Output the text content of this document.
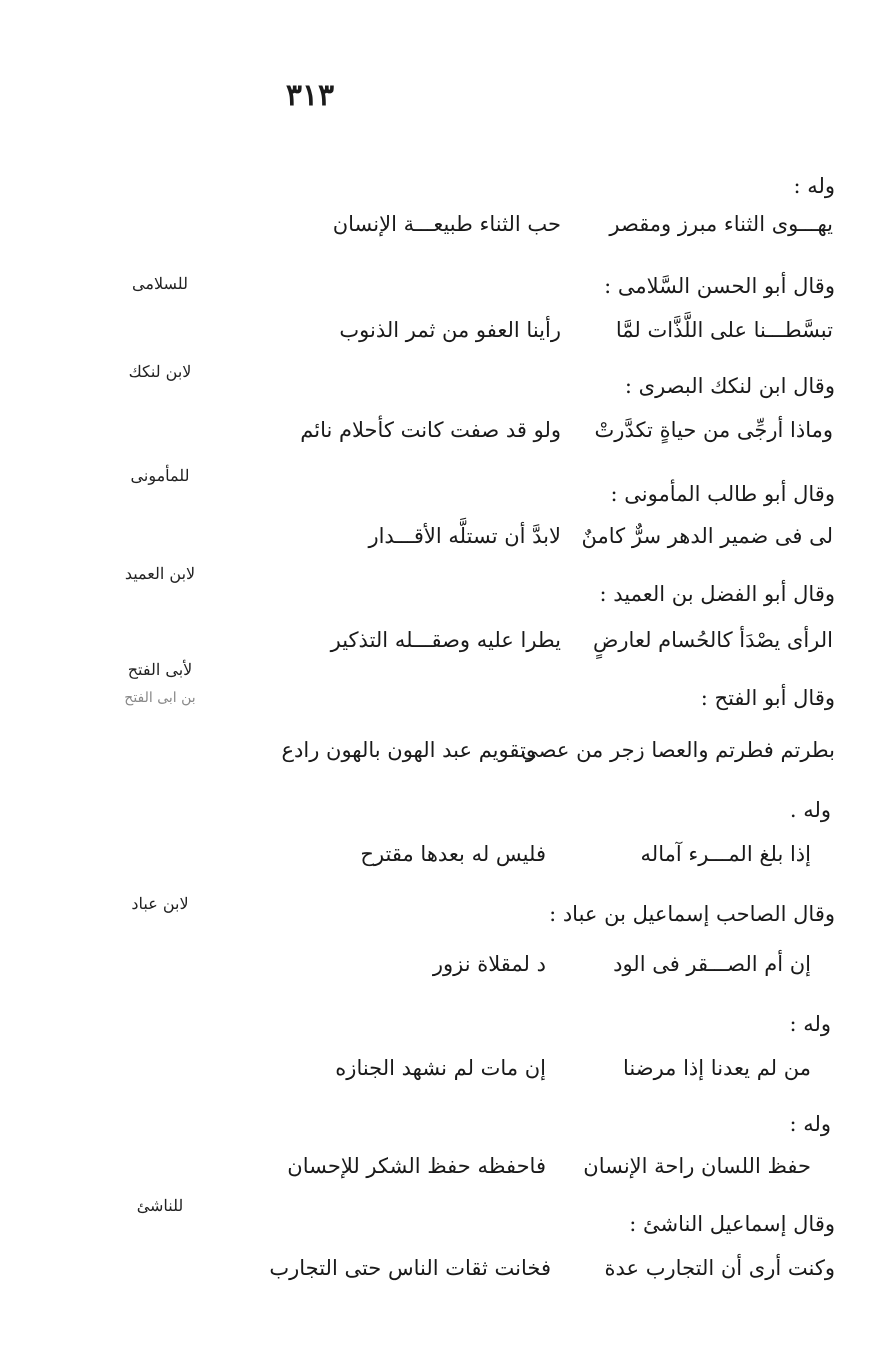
٣١٣
وله :
يهـــوى الثناء مبرز ومقصر
حب الثناء طبيعـــة الإنسان
للسلامى	وقال أبو الحسن السَّلامى :
تبسَّطـــنا على اللَّذَّات لمَّا
رأينا العفو من ثمر الذنوب
لابن لنكك
وقال ابن لنكك البصرى :
وماذا أرجِّى من حياةٍ تكدَّرتْ
ولو قد صفت كانت كأحلام نائم
للمأمونى
وقال أبو طالب المأمونى :
لى فى ضمير الدهر سرٌّ كامنٌ
لابدَّ أن تستلَّه الأقـــدار
لابن العميد
وقال أبو الفضل بن العميد :
الرأى يصْدَأ كالحُسام لعارضٍ
يطرا عليه وصقـــله التذكير
لأبى الفتح
بن ابى الفتح	وقال أبو الفتح :
بطرتم فطرتم والعصا زجر من عصى
وتقويم عبد الهون بالهون رادع
وله .
إذا بلغ المـــرء آماله
فليس له بعدها مقترح
لابن عباد	وقال الصاحب إسماعيل بن عباد :
إن أم الصـــقر فى الود
د لمقلاة نزور
وله :
من لم يعدنا إذا مرضنا
إن مات لم نشهد الجنازه
وله :
حفظ اللسان راحة الإنسان
فاحفظه حفظ الشكر للإحسان
للناشئ
وقال إسماعيل الناشئ :
وكنت أرى أن التجارب عدة
فخانت ثقات الناس حتى التجارب
